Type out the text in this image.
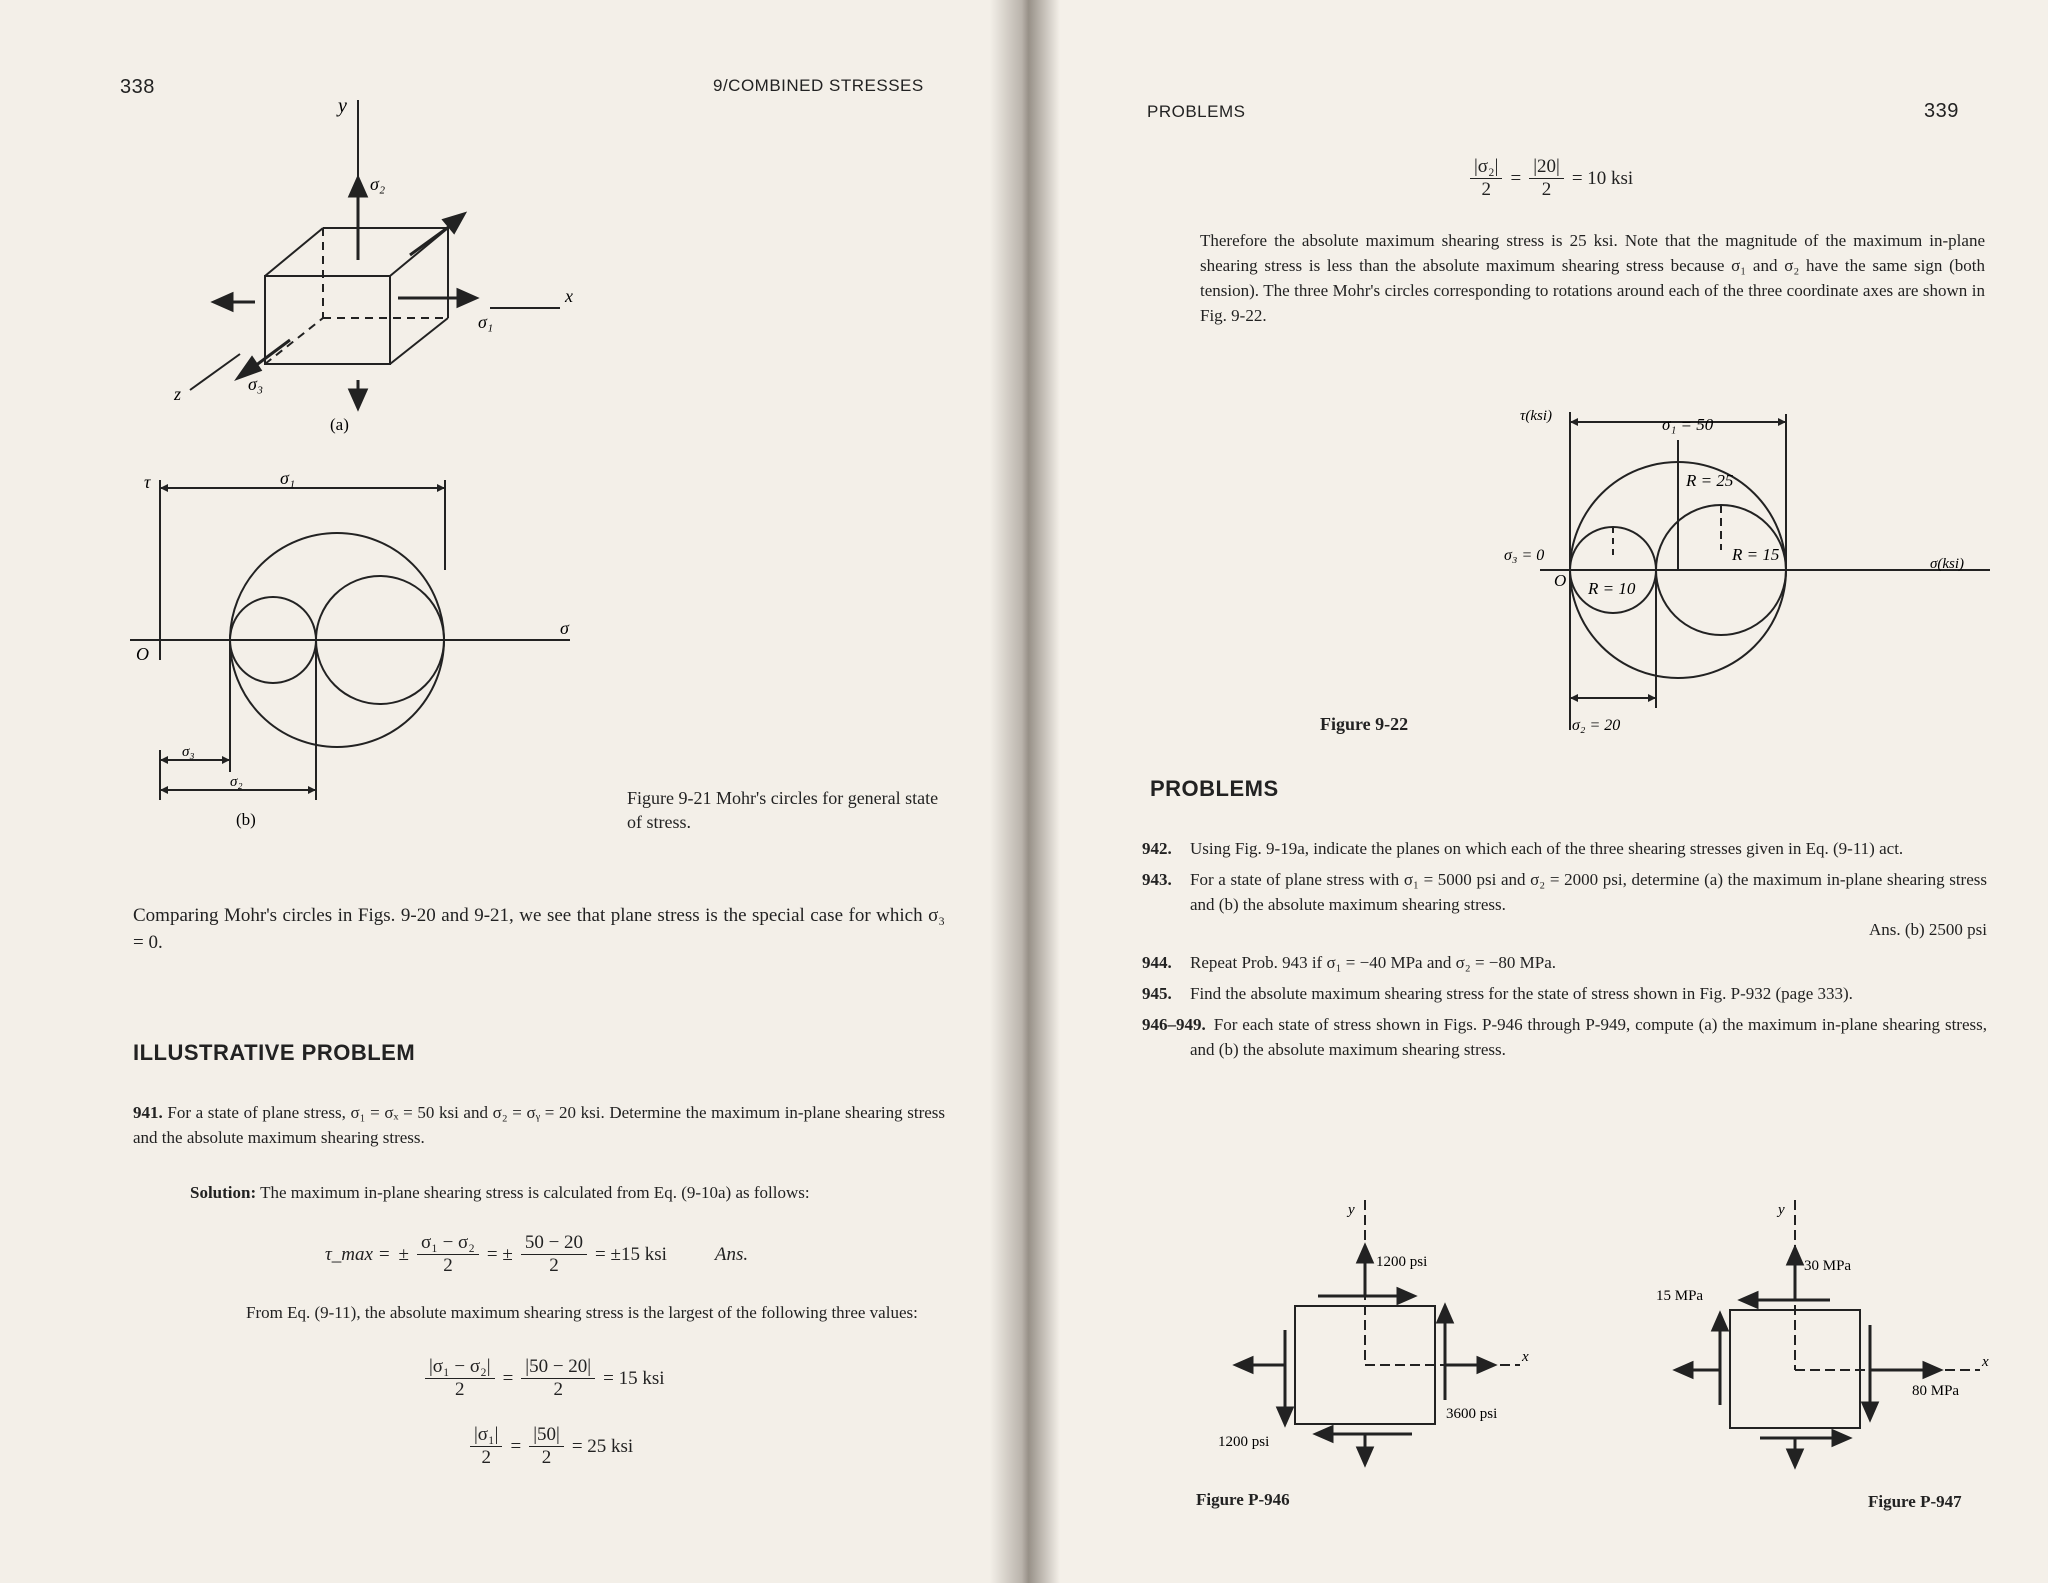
338	9/COMBINED STRESSES
y
σ₂
x
σ₁
z	σ₃
(a)
τ	σ₁
O
σ
σ₃
σ₂
(b)
Figure 9-21 Mohr's circles for general state of stress.
Comparing Mohr's circles in Figs. 9-20 and 9-21, we see that plane stress is the special case for which σ₃ = 0.
ILLUSTRATIVE PROBLEM
941. For a state of plane stress, σ₁ = σₓ = 50 ksi and σ₂ = σᵧ = 20 ksi. Determine the maximum in-plane shearing stress and the absolute maximum shearing stress.
Solution: The maximum in-plane shearing stress is calculated from Eq. (9-10a) as follows:
τ_max = ± $\frac{\text{σ₁ − σ₂}}{2}$ = ± $\frac{50 - 20}{2} = \pm 15$ ksi	Ans.
From Eq. (9-11), the absolute maximum shearing stress is the largest of the following three values:
$\frac{\text{|σ₁ − σ₂|}}{2} = \frac{|50 - 20|}{2} = 15$ ksi
$\frac{\text{|σ₁|}}{2} = \frac{|50|}{2} = 25$ ksi
PROBLEMS	339
$\frac{\text{|σ₂|}}{2} = \frac{|20|}{2} = 10$ ksi
Therefore the absolute maximum shearing stress is 25 ksi. Note that the magnitude of the maximum in-plane shearing stress is less than the absolute maximum shearing stress because σ₁ and σ₂ have the same sign (both tension). The three Mohr's circles corresponding to rotations around each of the three coordinate axes are shown in Fig. 9-22.
τ(ksi)	σ₁ = 50
R = 25
R = 15
σ₃ = 0
O R = 10
σ(ksi)
σ₂ = 20
Figure 9-22
PROBLEMS
942. Using Fig. 9-19a, indicate the planes on which each of the three shearing stresses given in Eq. (9-11) act.
943. For a state of plane stress with σ₁ = 5000 psi and σ₂ = 2000 psi, determine (a) the maximum in-plane shearing stress and (b) the absolute maximum shearing stress.
Ans. (b) 2500 psi
944. Repeat Prob. 943 if σ₁ = −40 MPa and σ₂ = −80 MPa.
945. Find the absolute maximum shearing stress for the state of stress shown in Fig. P-932 (page 333).
946–949. For each state of stress shown in Figs. P-946 through P-949, compute (a) the maximum in-plane shearing stress, and (b) the absolute maximum shearing stress.
y
x
1200 psi
3600 psi
1200 psi
Figure P-946
y
x
30 MPa
15 MPa
80 MPa
Figure P-947
